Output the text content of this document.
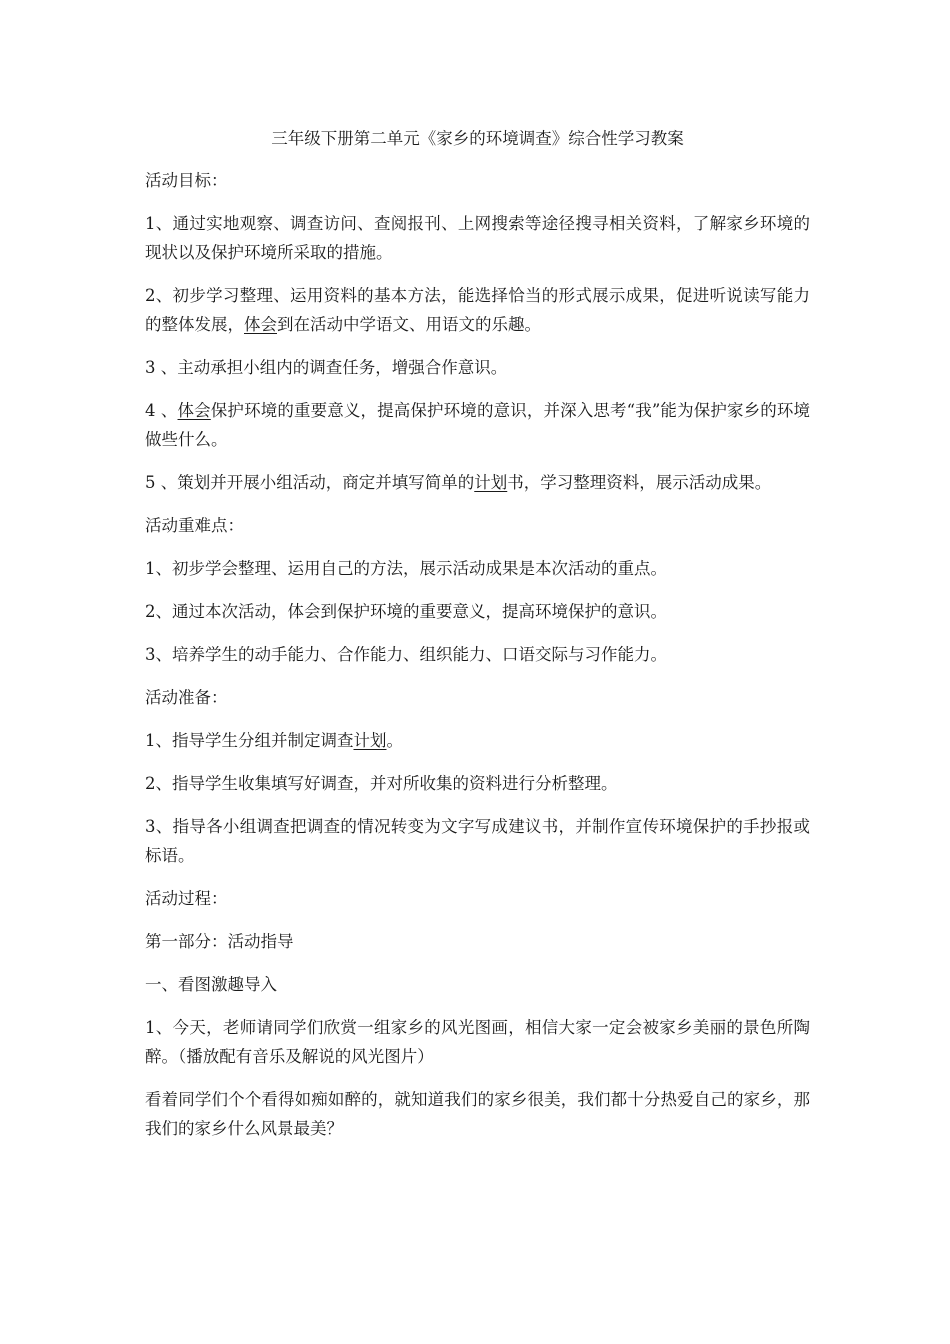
三年级下册第二单元《家乡的环境调查》综合性学习教案

活动目标：

1、通过实地观察、调查访问、查阅报刊、上网搜索等途径搜寻相关资料，了解家乡环境的现状以及保护环境所采取的措施。

2、初步学习整理、运用资料的基本方法，能选择恰当的形式展示成果，促进听说读写能力的整体发展，体会到在活动中学语文、用语文的乐趣。

3 、主动承担小组内的调查任务，增强合作意识。

4 、体会保护环境的重要意义，提高保护环境的意识，并深入思考“我”能为保护家乡的环境做些什么。

5 、策划并开展小组活动，商定并填写简单的计划书，学习整理资料，展示活动成果。

活动重难点：

1、初步学会整理、运用自己的方法，展示活动成果是本次活动的重点。

2、通过本次活动，体会到保护环境的重要意义，提高环境保护的意识。

3、培养学生的动手能力、合作能力、组织能力、口语交际与习作能力。

活动准备：

1、指导学生分组并制定调查计划。

2、指导学生收集填写好调查，并对所收集的资料进行分析整理。

3、指导各小组调查把调查的情况转变为文字写成建议书，并制作宣传环境保护的手抄报或标语。

活动过程：

第一部分：活动指导

一、看图激趣导入

1、今天，老师请同学们欣赏一组家乡的风光图画，相信大家一定会被家乡美丽的景色所陶醉。（播放配有音乐及解说的风光图片）

看着同学们个个看得如痴如醉的，就知道我们的家乡很美，我们都十分热爱自己的家乡，那我们的家乡什么风景最美？
